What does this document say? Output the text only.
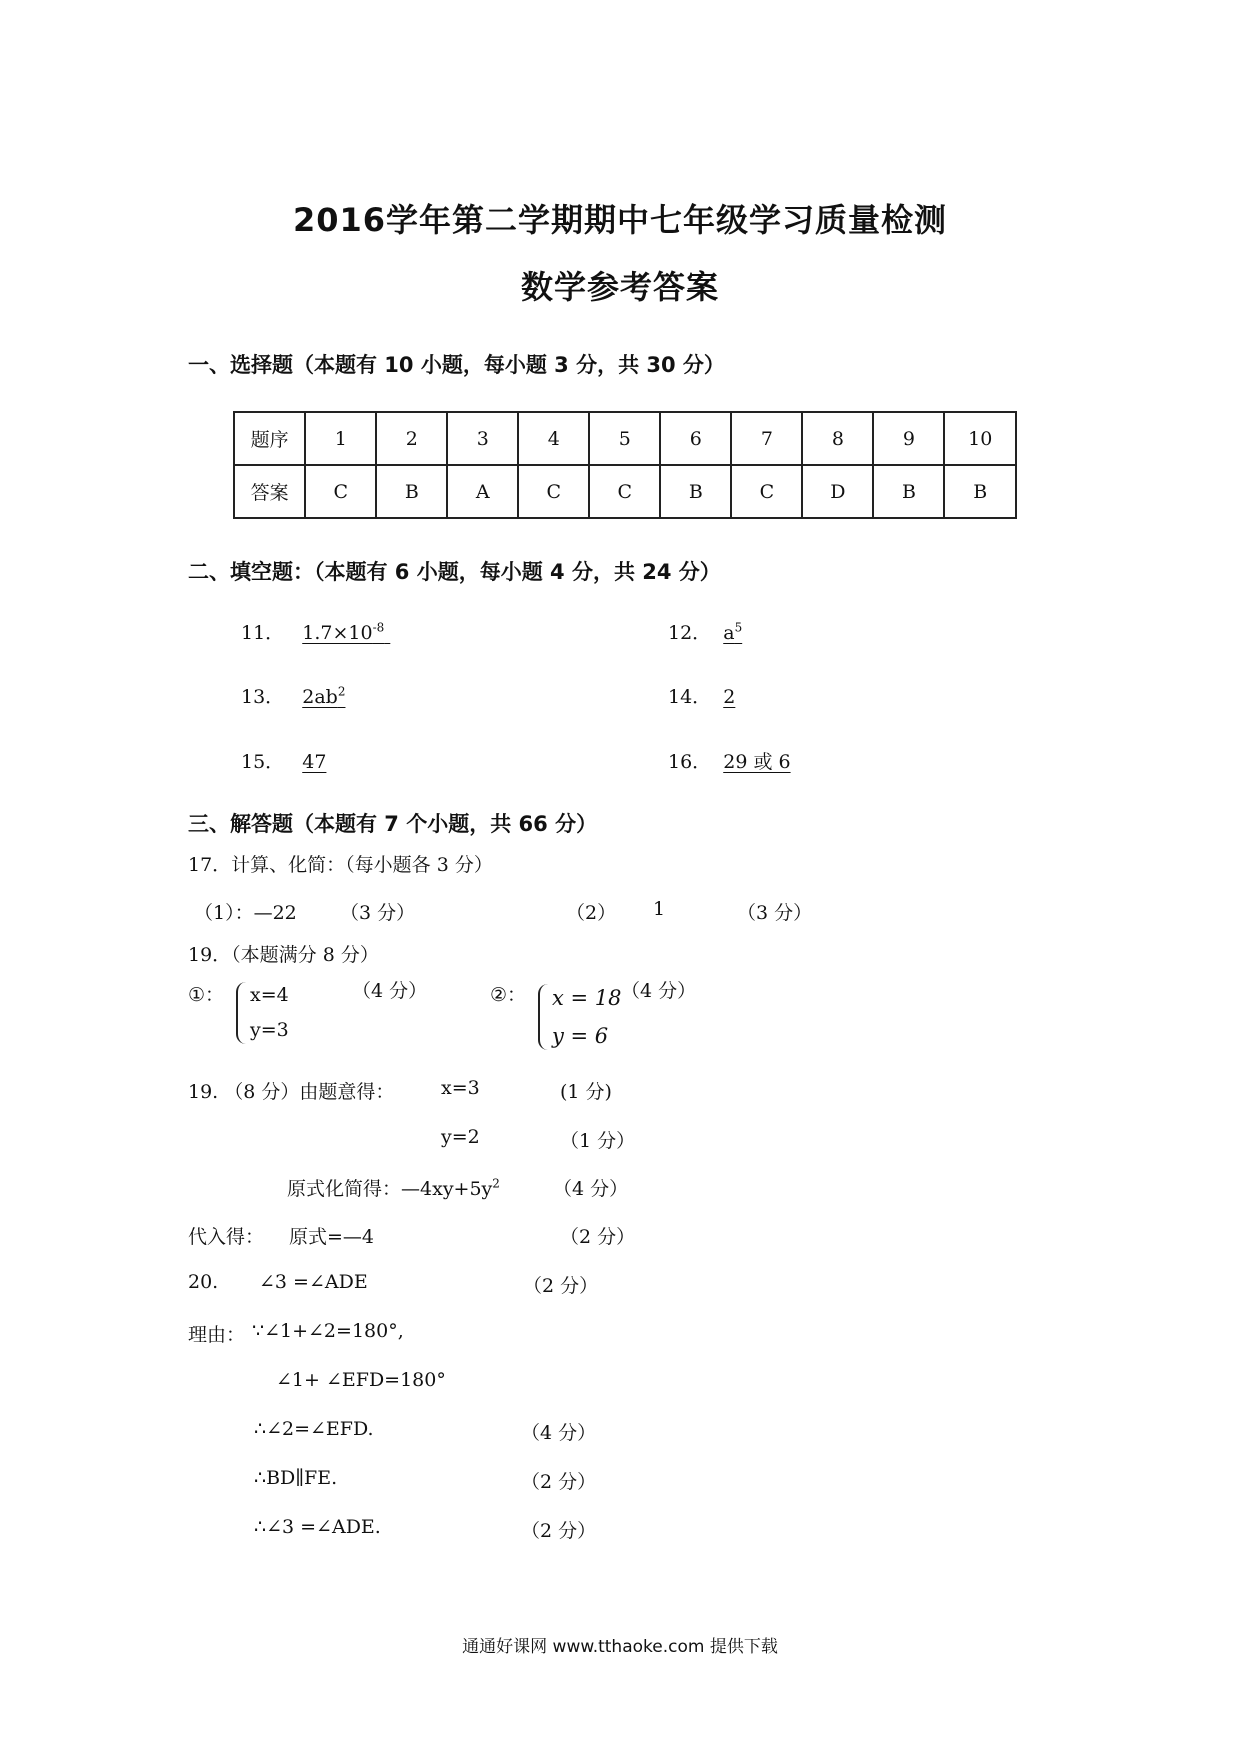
2016学年第二学期期中七年级学习质量检测
数学参考答案
一、选择题（本题有 10 小题，每小题 3 分，共 30 分）
题序	1	2	3	4	5	6	7	8	9	10
答案	C	B	A	C	C	B	C	D	B	B
二、填空题：（本题有 6 小题，每小题 4 分，共 24 分）
11． $1.7\times 10^{-8}$	12． $a^5$
13． $2ab^2$	14． 2
15． 47	16． 29 或 6
三、解答题（本题有 7 个小题，共 66 分）
17．计算、化简：（每小题各 3 分）
（1）：—22 （3 分）	（2） 1	（3 分）
19．（本题满分 8 分）
①： x=4
y=3
（4 分）	②： x = 18
y = 6
（4 分）
19. （8 分）由题意得： x=3	(1 分)
y=2	（1 分）
原式化简得：$—4xy+5y^2$	（4 分）
代入得： 原式=—4	（2 分）
20. ∠3 =∠ADE	（2 分）
理由： ∵∠1+∠2=180°,
∠1+ ∠EFD=180°
∴∠2=∠EFD.	（4 分）
∴BD∥FE.	（2 分）
∴∠3 =∠ADE.	（2 分）
通通好课网 www.tthaoke.com 提供下载
